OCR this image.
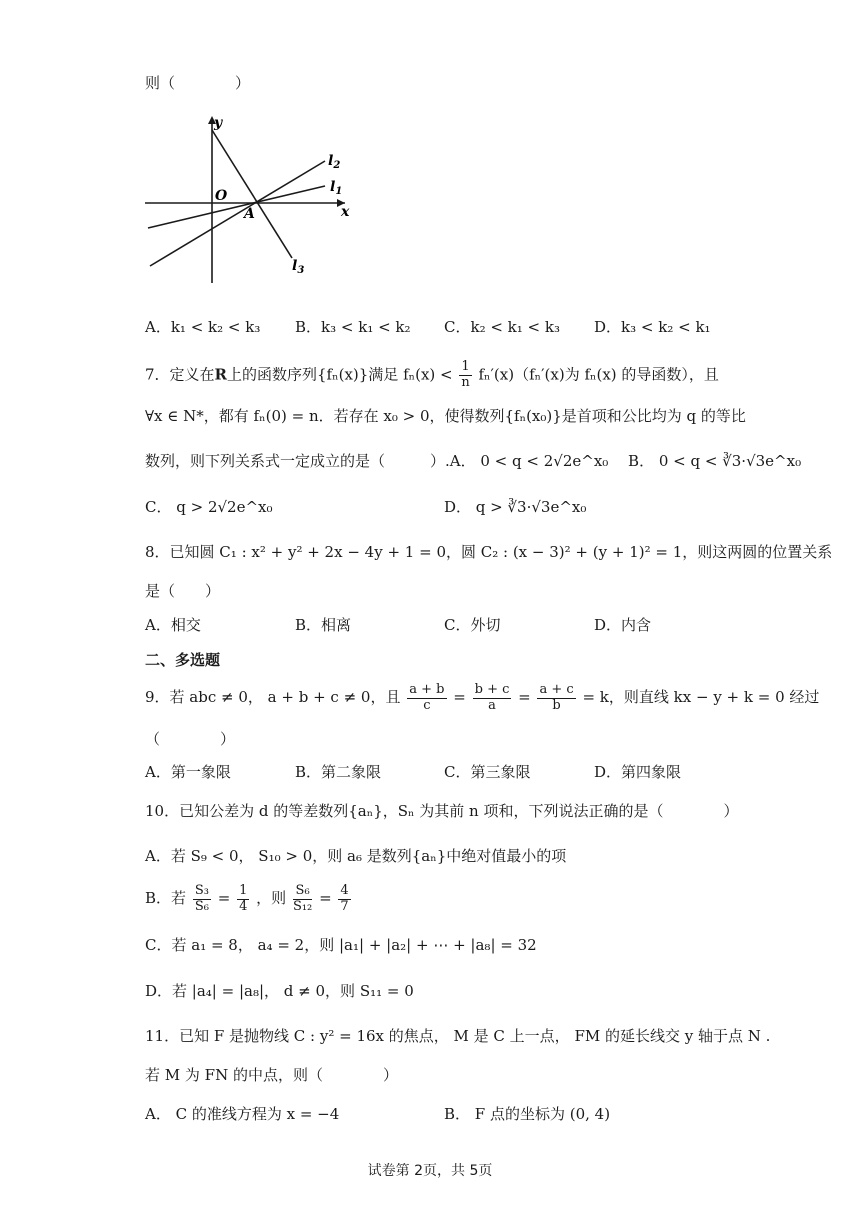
则（　　　　）
y
x
O
A
$l_2$
$l_1$
$l_3$
A．k₁ < k₂ < k₃ B．k₃ < k₁ < k₂ C．k₂ < k₁ < k₃ D．k₃ < k₂ < k₁
7．定义在R上的函数序列{fₙ(x)}满足 $f_n(x) < \frac{1}{n} f_n'(x)(f_n'(x)$为 fₙ(x) 的导函数），且
∀x ∈ N*，都有 fₙ(0) = n．若存在 x₀ > 0，使得数列{fₙ(x₀)}是首项和公比均为 q 的等比
数列，则下列关系式一定成立的是（　　　）.A． 0 < q < 2√2e^x₀　 B． 0 < q < ∛3·√3e^x₀
C． q > 2√2e^x₀	D． q > ∛3·√3e^x₀
8．已知圆 C₁ : x² + y² + 2x − 4y + 1 = 0，圆 C₂ : (x − 3)² + (y + 1)² = 1，则这两圆的位置关系
是（　　）
A．相交	B．相离	C．外切	D．内含
二、多选题
9．若 abc ≠ 0， a + b + c ≠ 0，且 $\frac{a + b}{c} = \frac{b + c}{a} = \frac{a + c}{b} = k$，则直线 kx − y + k = 0 经过
（　　　　）
A．第一象限	B．第二象限	C．第三象限	D．第四象限
10．已知公差为 d 的等差数列{aₙ}，Sₙ 为其前 n 项和，下列说法正确的是（　　　　）
A．若 S₉ < 0， S₁₀ > 0，则 a₆ 是数列{aₙ}中绝对值最小的项
B．若 $\frac{\text{S₃}}{\text{S₆}} = \frac{1}{4}$ ，则 $\frac{\text{S₆}}{\text{S₁₂}} = \frac{4}{7}$
C．若 a₁ = 8， a₄ = 2，则 |a₁| + |a₂| + ⋯ + |a₈| = 32
D．若 |a₄| = |a₈|， d ≠ 0，则 S₁₁ = 0
11．已知 F 是抛物线 C : y² = 16x 的焦点， M 是 C 上一点， FM 的延长线交 y 轴于点 N .
若 M 为 FN 的中点，则（　　　　）
A． C 的准线方程为 x = −4	B． F 点的坐标为 (0, 4)
试卷第 2页，共 5页
